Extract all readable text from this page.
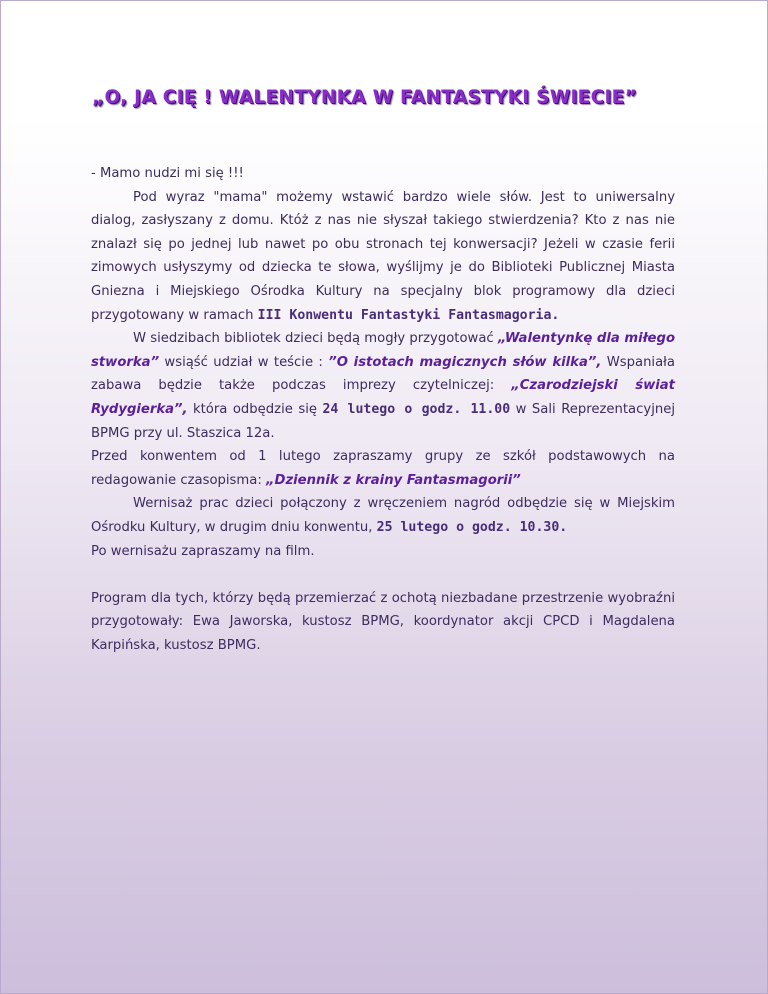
„O, JA CIĘ ! WALENTYNKA W FANTASTYKI ŚWIECIE”

- Mamo nudzi mi się !!!

Pod wyraz "mama" możemy wstawić bardzo wiele słów. Jest to uniwersalny dialog, zasłyszany z domu. Któż z nas nie słyszał takiego stwierdzenia? Kto z nas nie znalazł się po jednej lub nawet po obu stronach tej konwersacji? Jeżeli w czasie ferii zimowych usłyszymy od dziecka te słowa, wyślijmy je do Biblioteki Publicznej Miasta Gniezna i Miejskiego Ośrodka Kultury na specjalny blok programowy dla dzieci przygotowany w ramach III Konwentu Fantastyki Fantasmagoria.

W siedzibach bibliotek dzieci będą mogły przygotować „Walentynkę dla miłego stworka” wsiąść udział w teście : ”O istotach magicznych słów kilka”, Wspaniała zabawa będzie także podczas imprezy czytelniczej: „Czarodziejski świat Rydygierka”, która odbędzie się 24 lutego o godz. 11.00 w Sali Reprezentacyjnej BPMG przy ul. Staszica 12a.

Przed konwentem od 1 lutego zapraszamy grupy ze szkół podstawowych na redagowanie czasopisma: „Dziennik z krainy Fantasmagorii”

Wernisaż prac dzieci połączony z wręczeniem nagród odbędzie się w Miejskim Ośrodku Kultury, w drugim dniu konwentu, 25 lutego o godz. 10.30.

Po wernisażu zapraszamy na film.

Program dla tych, którzy będą przemierzać z ochotą niezbadane przestrzenie wyobraźni przygotowały: Ewa Jaworska, kustosz BPMG, koordynator akcji CPCD i Magdalena Karpińska, kustosz BPMG.
